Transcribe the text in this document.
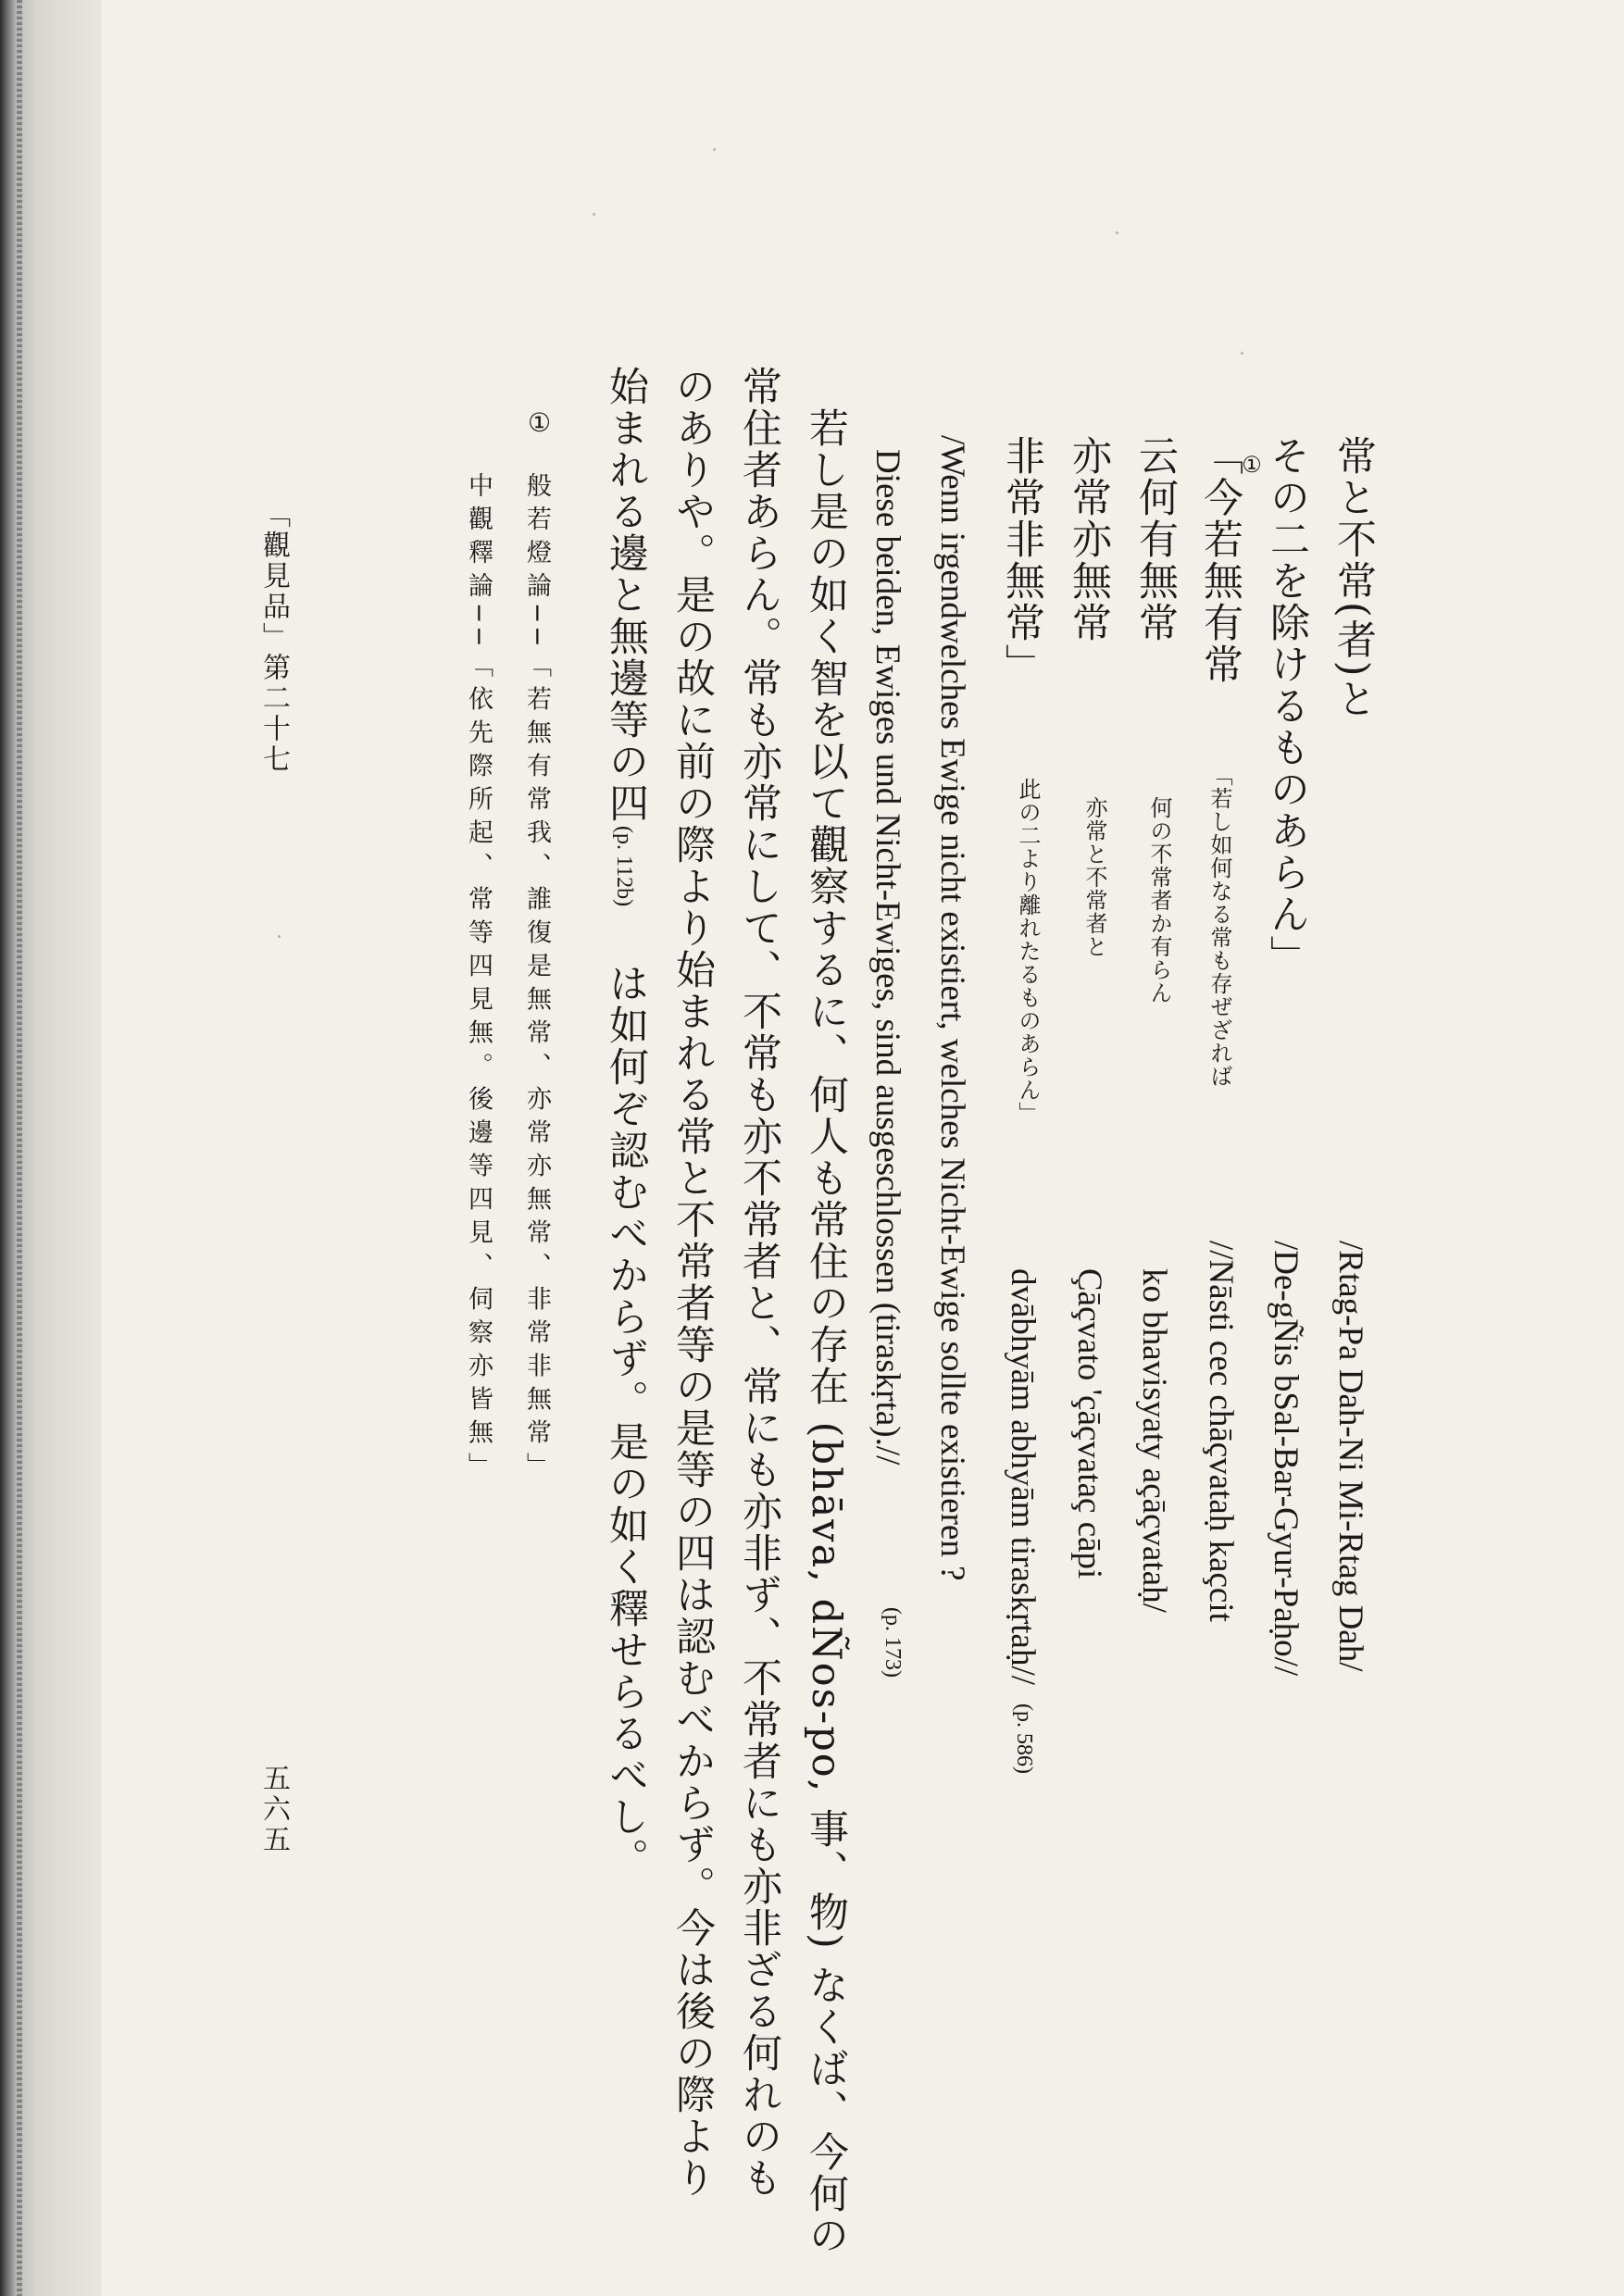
常と不常(者)と
その二を除けるものあらん」
「今若無有常
①
「若し如何なる常も存ぜざれば
云何有無常
何の不常者か有らん
亦常亦無常
亦常と不常者と
非常非無常」
此の二より離れたるものあらん」
/Rtag-Pa Dah-Ni Mi-Rtag Dah/
/De-gÑis bSal-Bar-Gyur-Paḥo//
//Nāsti cec chāçvataḥ kaçcit
ko bhavisyaty açāçvataḥ/
Çāçvato 'çāçvataç cāpi
dvābhyām abhyām tiraskṛtaḥ//
(p. 586)
/Wenn irgendwelches Ewige nicht existiert, welches Nicht-Ewige sollte existieren ?
Diese beiden, Ewiges und Nicht-Ewiges, sind ausgeschlossen (tiraskṛta).//
(p. 173)
若し是の如く智を以て觀察するに、何人も常住の存在 (bhāva, dÑos-po, 事、物) なくば、今何の
常住者あらん。常も亦常にして、不常も亦不常者と、常にも亦非ず、不常者にも亦非ざる何れのも
のありや。是の故に前の際より始まれる常と不常者等の是等の四は認むべからず。今は後の際より
始まれる邊と無邊等の四
(p. 112b)
は如何ぞ認むべからず。是の如く釋せらるべし。
①
般若燈論──「若無有常我、誰復是無常、亦常亦無常、非常非無常」
中觀釋論──「依先際所起、常等四見無。後邊等四見、伺察亦皆無」
「觀見品」第二十七
五六五
